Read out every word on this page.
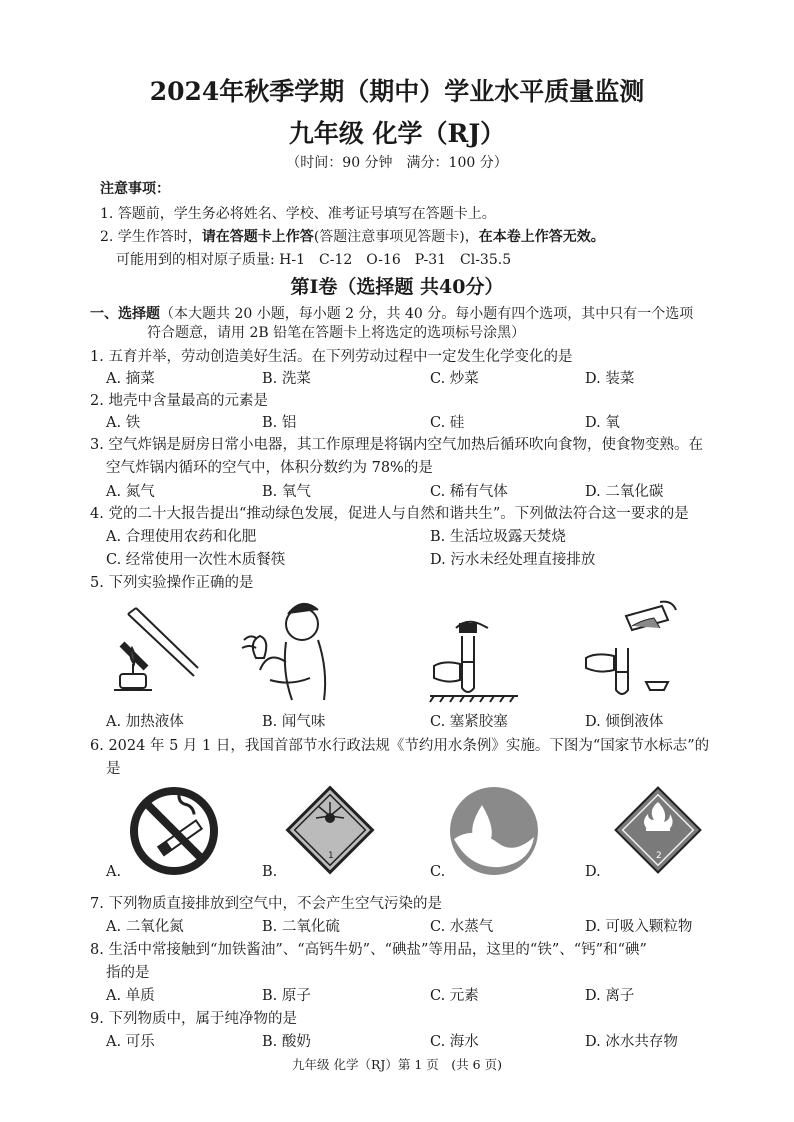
2024年秋季学期（期中）学业水平质量监测
九年级 化学（RJ）
（时间：90 分钟　满分：100 分）
注意事项：
1. 答题前，学生务必将姓名、学校、准考证号填写在答题卡上。
2. 学生作答时，请在答题卡上作答(答题注意事项见答题卡)，在本卷上作答无效。
可能用到的相对原子质量: H-1　C-12　O-16　P-31　Cl-35.5
第Ⅰ卷（选择题 共40分）
一、选择题（本大题共 20 小题，每小题 2 分，共 40 分。每小题有四个选项，其中只有一个选项
符合题意，请用 2B 铅笔在答题卡上将选定的选项标号涂黑）
1. 五育并举，劳动创造美好生活。在下列劳动过程中一定发生化学变化的是
A. 摘菜	B. 洗菜	C. 炒菜	D. 装菜
2. 地壳中含量最高的元素是
A. 铁	B. 铝	C. 硅	D. 氧
3. 空气炸锅是厨房日常小电器，其工作原理是将锅内空气加热后循环吹向食物，使食物变熟。在
空气炸锅内循环的空气中，体积分数约为 78%的是
A. 氮气	B. 氧气	C. 稀有气体	D. 二氧化碳
4. 党的二十大报告提出“推动绿色发展，促进人与自然和谐共生”。下列做法符合这一要求的是
A. 合理使用农药和化肥	B. 生活垃圾露天焚烧
C. 经常使用一次性木质餐筷	D. 污水未经处理直接排放
5. 下列实验操作正确的是
A. 加热液体	B. 闻气味	C. 塞紧胶塞	D. 倾倒液体
6. 2024 年 5 月 1 日，我国首部节水行政法规《节约用水条例》实施。下图为“国家节水标志”的
是
1	2
A.	B.	C.	D.
7. 下列物质直接排放到空气中，不会产生空气污染的是
A. 二氧化氮	B. 二氧化硫	C. 水蒸气	D. 可吸入颗粒物
8. 生活中常接触到“加铁酱油”、“高钙牛奶”、“碘盐”等用品，这里的“铁”、“钙”和“碘”
指的是
A. 单质	B. 原子	C. 元素	D. 离子
9. 下列物质中，属于纯净物的是
A. 可乐	B. 酸奶	C. 海水	D. 冰水共存物
九年级 化学（RJ）第 1 页　(共 6 页)
